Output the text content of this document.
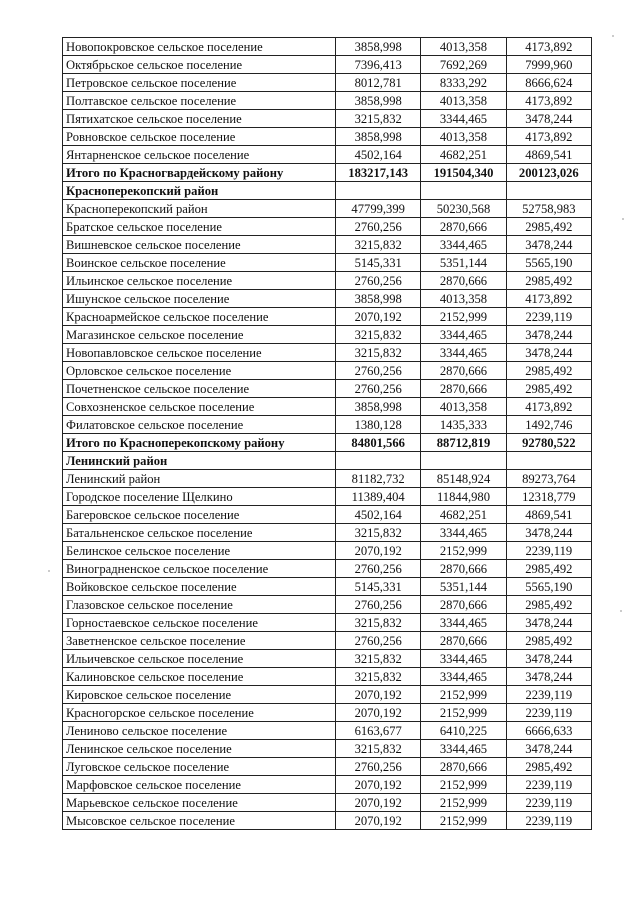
Новопокровское сельское поселение	3858,998	4013,358	4173,892
Октябрьское сельское поселение	7396,413	7692,269	7999,960
Петровское сельское поселение	8012,781	8333,292	8666,624
Полтавское сельское поселение	3858,998	4013,358	4173,892
Пятихатское сельское поселение	3215,832	3344,465	3478,244
Ровновское сельское поселение	3858,998	4013,358	4173,892
Янтарненское сельское поселение	4502,164	4682,251	4869,541
Итого по Красногвардейскому району	183217,143	191504,340	200123,026
Красноперекопский район			
Красноперекопский район	47799,399	50230,568	52758,983
Братское сельское поселение	2760,256	2870,666	2985,492
Вишневское сельское поселение	3215,832	3344,465	3478,244
Воинское сельское поселение	5145,331	5351,144	5565,190
Ильинское сельское поселение	2760,256	2870,666	2985,492
Ишунское сельское поселение	3858,998	4013,358	4173,892
Красноармейское сельское поселение	2070,192	2152,999	2239,119
Магазинское сельское поселение	3215,832	3344,465	3478,244
Новопавловское сельское поселение	3215,832	3344,465	3478,244
Орловское сельское поселение	2760,256	2870,666	2985,492
Почетненское сельское поселение	2760,256	2870,666	2985,492
Совхозненское сельское поселение	3858,998	4013,358	4173,892
Филатовское сельское поселение	1380,128	1435,333	1492,746
Итого по Красноперекопскому району	84801,566	88712,819	92780,522
Ленинский район			
Ленинский район	81182,732	85148,924	89273,764
Городское поселение Щелкино	11389,404	11844,980	12318,779
Багеровское сельское поселение	4502,164	4682,251	4869,541
Батальненское сельское поселение	3215,832	3344,465	3478,244
Белинское сельское поселение	2070,192	2152,999	2239,119
Виноградненское сельское поселение	2760,256	2870,666	2985,492
Войковское сельское поселение	5145,331	5351,144	5565,190
Глазовское сельское поселение	2760,256	2870,666	2985,492
Горностаевское сельское поселение	3215,832	3344,465	3478,244
Заветненское сельское поселение	2760,256	2870,666	2985,492
Ильичевское сельское поселение	3215,832	3344,465	3478,244
Калиновское сельское поселение	3215,832	3344,465	3478,244
Кировское сельское поселение	2070,192	2152,999	2239,119
Красногорское сельское поселение	2070,192	2152,999	2239,119
Лениново сельское поселение	6163,677	6410,225	6666,633
Ленинское сельское поселение	3215,832	3344,465	3478,244
Луговское сельское поселение	2760,256	2870,666	2985,492
Марфовское сельское поселение	2070,192	2152,999	2239,119
Марьевское сельское поселение	2070,192	2152,999	2239,119
Мысовское сельское поселение	2070,192	2152,999	2239,119
